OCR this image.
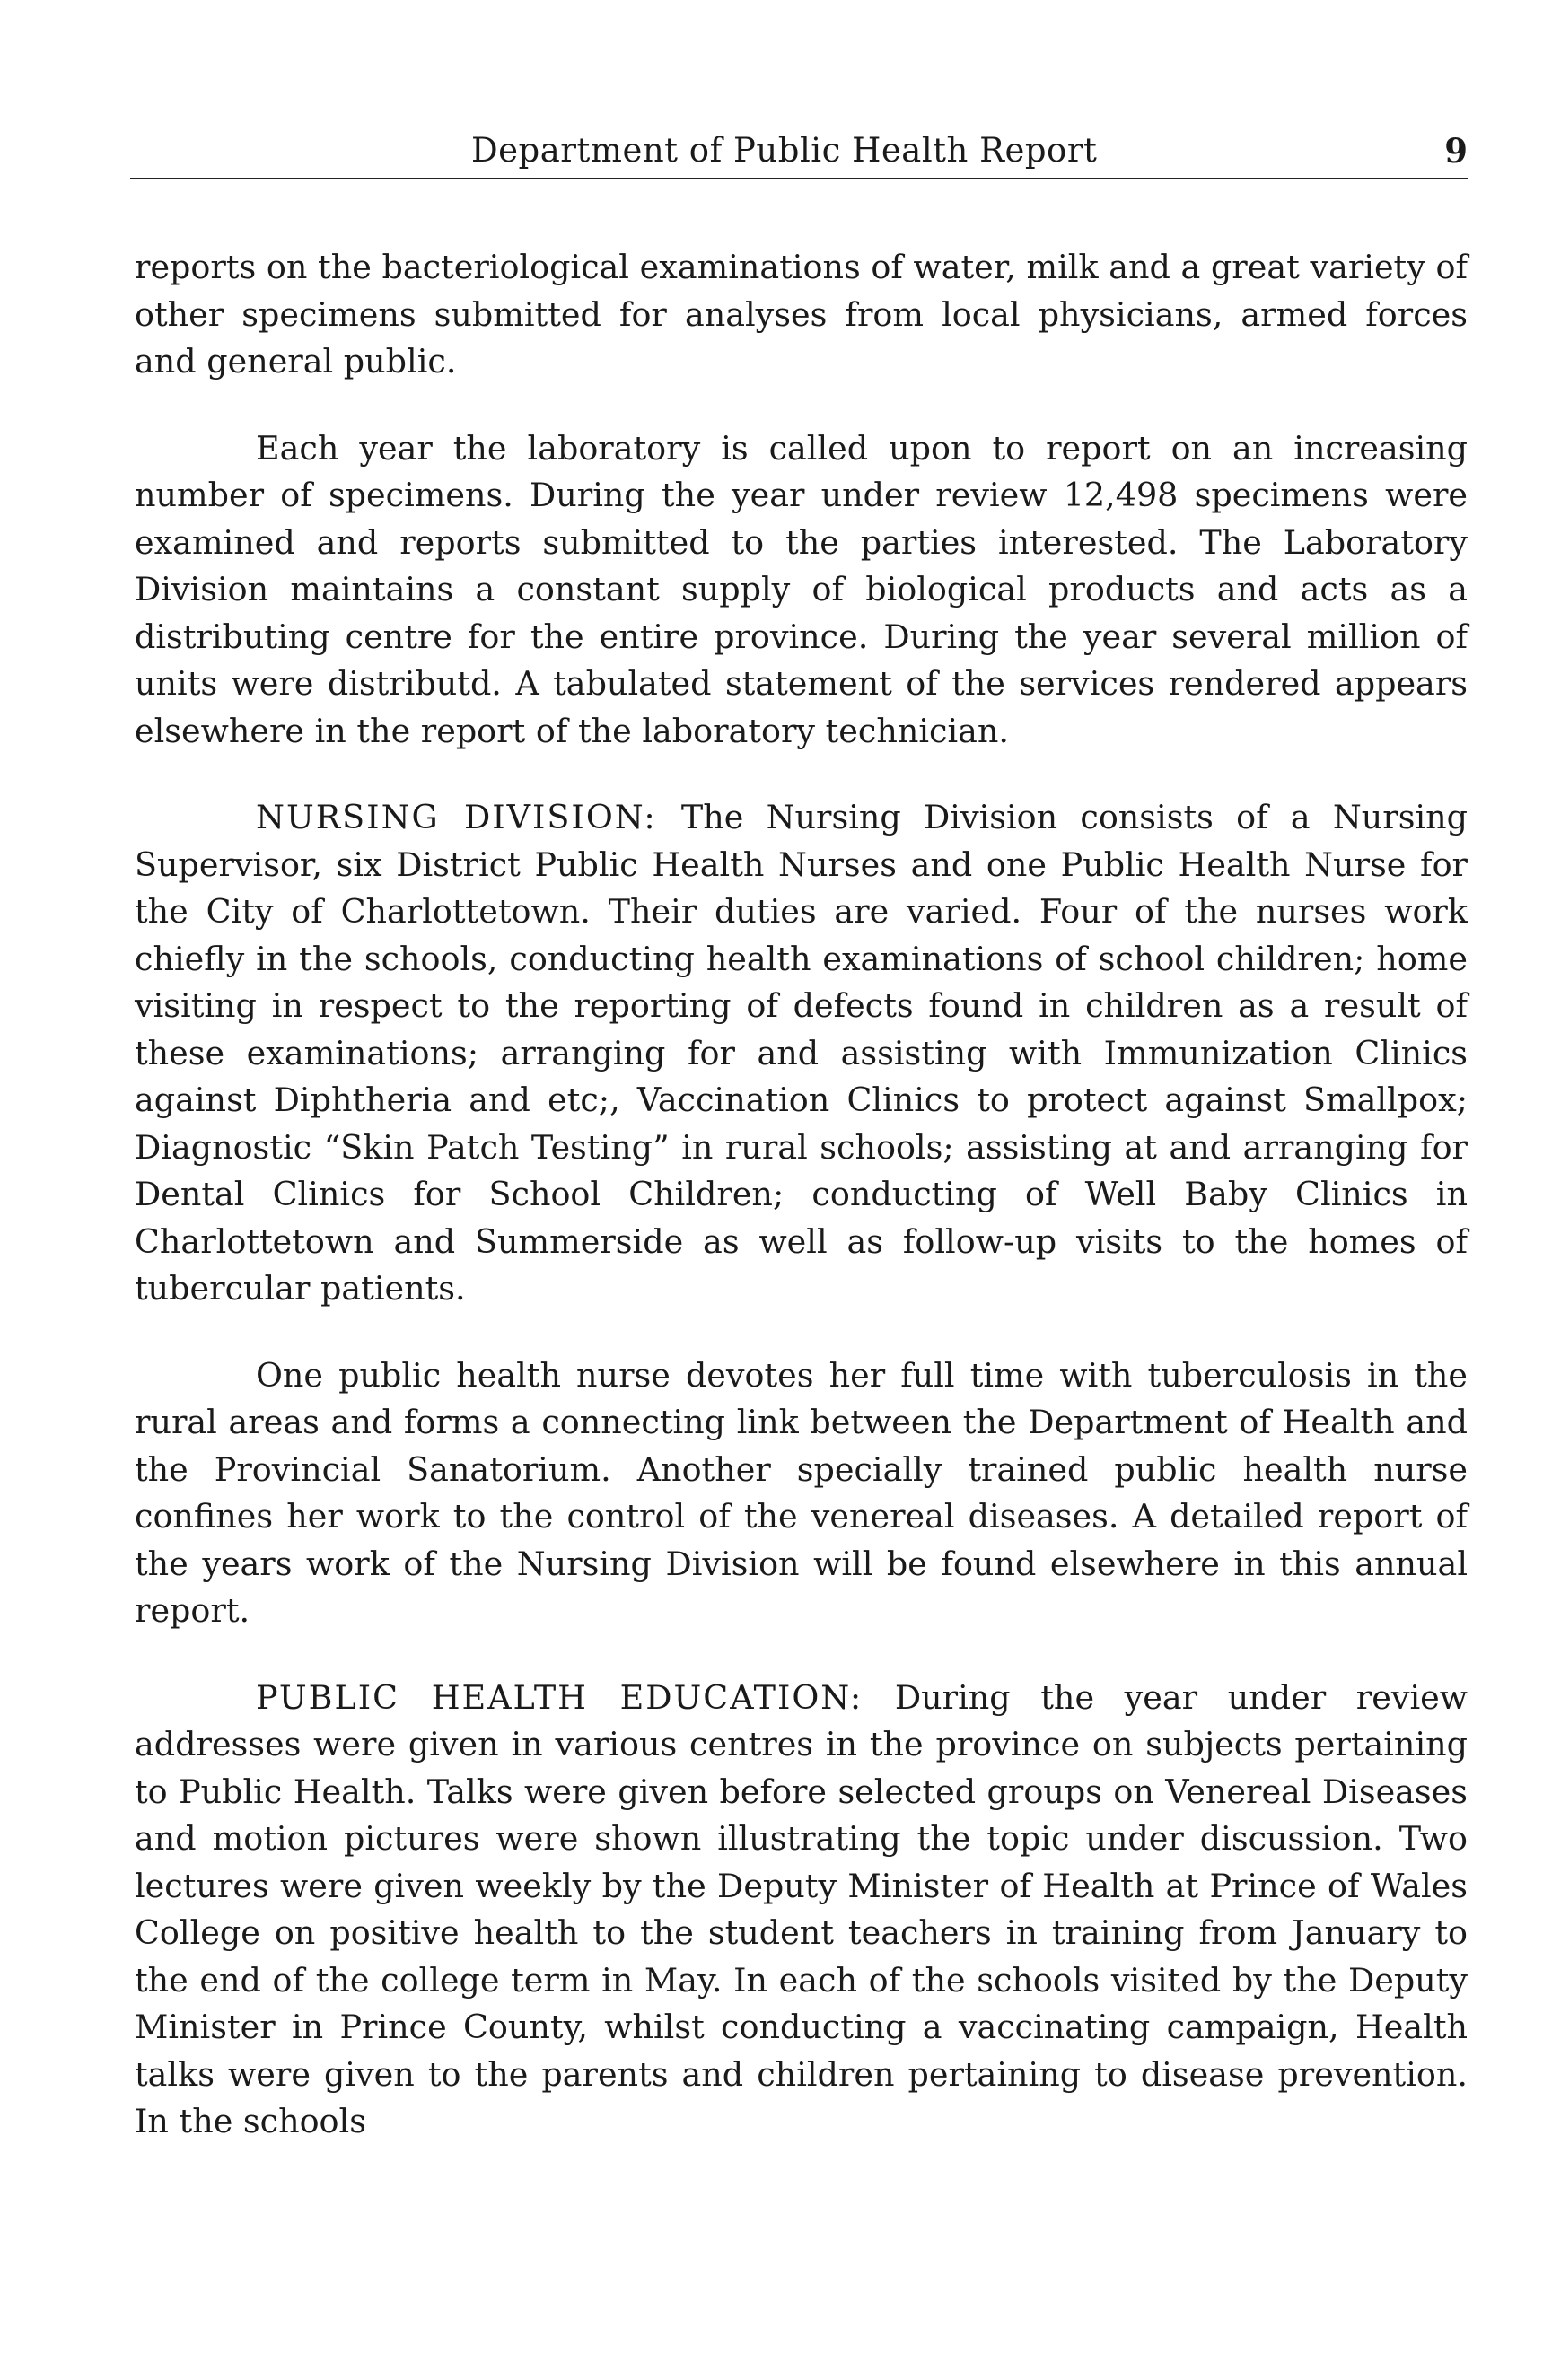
Department of Public Health Report	9

reports on the bacteriological examinations of water, milk and a great variety of other specimens submitted for analyses from local physicians, armed forces and general public.

Each year the laboratory is called upon to report on an increasing number of specimens. During the year under review 12,498 specimens were examined and reports submitted to the parties interested. The Laboratory Division maintains a constant supply of biological products and acts as a distributing centre for the entire province. During the year several million of units were distributd. A tabulated statement of the services rendered appears elsewhere in the report of the laboratory technician.

NURSING DIVISION: The Nursing Division consists of a Nursing Supervisor, six District Public Health Nurses and one Public Health Nurse for the City of Charlottetown. Their duties are varied. Four of the nurses work chiefly in the schools, conducting health examinations of school children; home visiting in respect to the reporting of defects found in children as a result of these examinations; arranging for and assisting with Immunization Clinics against Diphtheria and etc;, Vaccination Clinics to protect against Smallpox; Diagnostic “Skin Patch Testing” in rural schools; assisting at and arranging for Dental Clinics for School Children; conducting of Well Baby Clinics in Charlottetown and Summerside as well as follow-up visits to the homes of tubercular patients.

One public health nurse devotes her full time with tuberculosis in the rural areas and forms a connecting link between the Department of Health and the Provincial Sanatorium. Another specially trained public health nurse confines her work to the control of the venereal diseases. A detailed report of the years work of the Nursing Division will be found elsewhere in this annual report.

PUBLIC HEALTH EDUCATION: During the year under review addresses were given in various centres in the province on subjects pertaining to Public Health. Talks were given before selected groups on Venereal Diseases and motion pictures were shown illustrating the topic under discussion. Two lectures were given weekly by the Deputy Minister of Health at Prince of Wales College on positive health to the student teachers in training from January to the end of the college term in May. In each of the schools visited by the Deputy Minister in Prince County, whilst conducting a vaccinating campaign, Health talks were given to the parents and children pertaining to disease prevention. In the schools
